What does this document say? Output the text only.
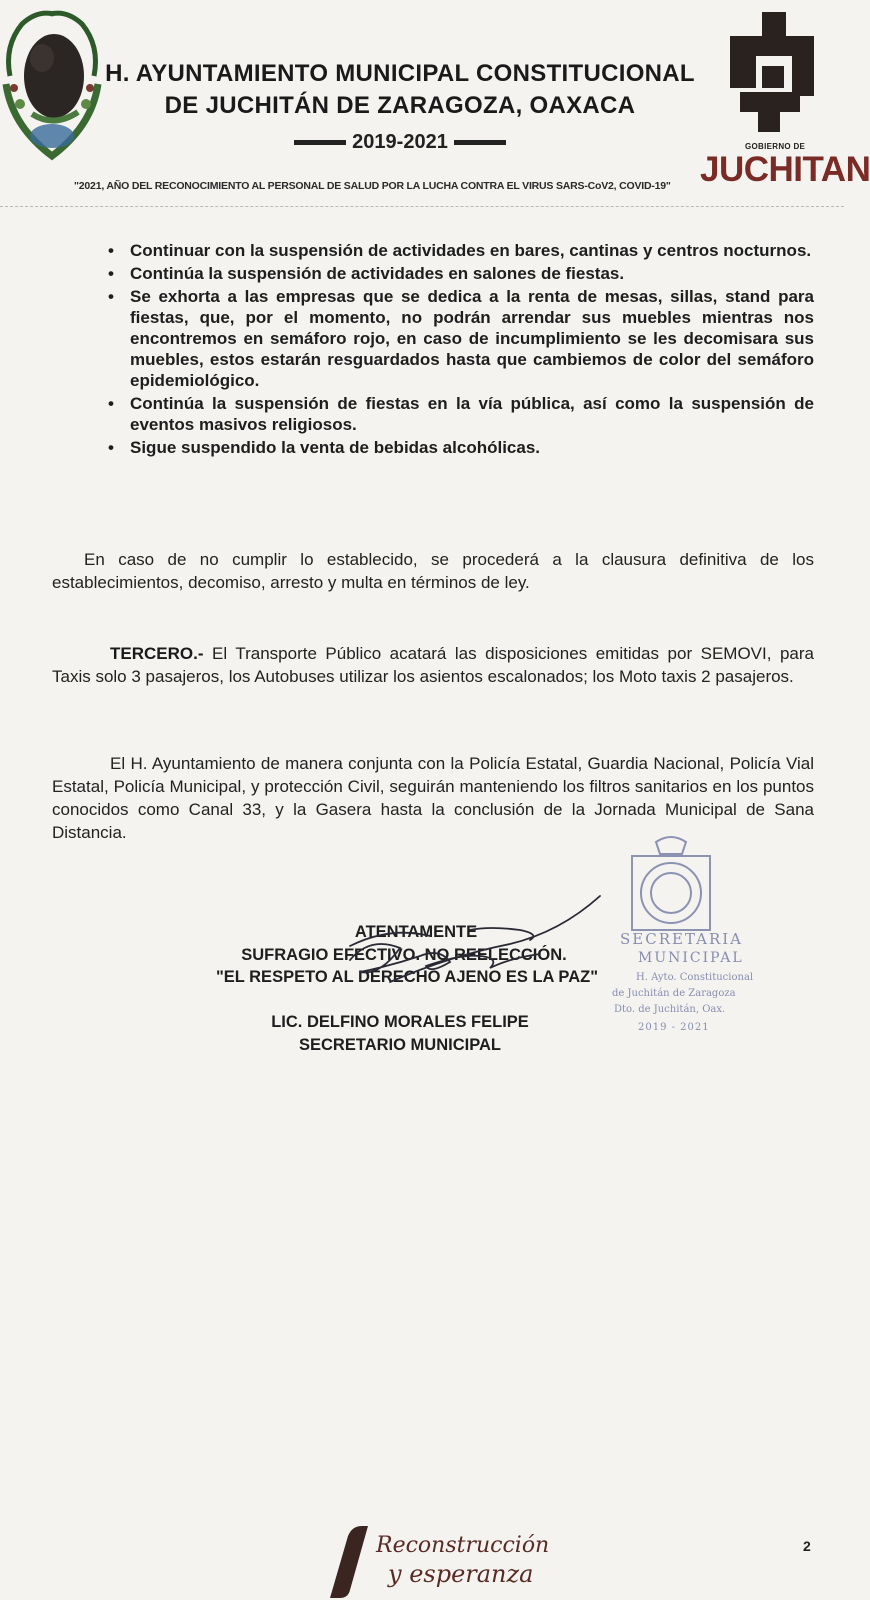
H. AYUNTAMIENTO MUNICIPAL CONSTITUCIONAL
DE JUCHITÁN DE ZARAGOZA, OAXACA
2019-2021	GOBIERNO DE
JUCHITAN
"2021, AÑO DEL RECONOCIMIENTO AL PERSONAL DE SALUD POR LA LUCHA CONTRA EL VIRUS SARS-CoV2, COVID-19"
• Continuar con la suspensión de actividades en bares, cantinas y centros nocturnos.
• Continúa la suspensión de actividades en salones de fiestas.
• Se exhorta a las empresas que se dedica a la renta de mesas, sillas, stand para fiestas, que, por el momento, no podrán arrendar sus muebles mientras nos encontremos en semáforo rojo, en caso de incumplimiento se les decomisara sus muebles, estos estarán resguardados hasta que cambiemos de color del semáforo epidemiológico.
• Continúa la suspensión de fiestas en la vía pública, así como la suspensión de eventos masivos religiosos.
• Sigue suspendido la venta de bebidas alcohólicas.

En caso de no cumplir lo establecido, se procederá a la clausura definitiva de los establecimientos, decomiso, arresto y multa en términos de ley.

TERCERO.- El Transporte Público acatará las disposiciones emitidas por SEMOVI, para Taxis solo 3 pasajeros, los Autobuses utilizar los asientos escalonados; los Moto taxis 2 pasajeros.

El H. Ayuntamiento de manera conjunta con la Policía Estatal, Guardia Nacional, Policía Vial Estatal, Policía Municipal, y protección Civil, seguirán manteniendo los filtros sanitarios en los puntos conocidos como Canal 33, y la Gasera hasta la conclusión de la Jornada Municipal de Sana Distancia.

SECRETARIA
MUNICIPAL
H. Ayto. Constitucional
de Juchitán de Zaragoza
Dto. de Juchitán, Oax.
2019 - 2021
ATENTAMENTE
SUFRAGIO EFECTIVO. NO REELECCIÓN.
"EL RESPETO AL DERECHO AJENO ES LA PAZ"
LIC. DELFINO MORALES FELIPE
SECRETARIO MUNICIPAL
Reconstrucción
y esperanza
2
